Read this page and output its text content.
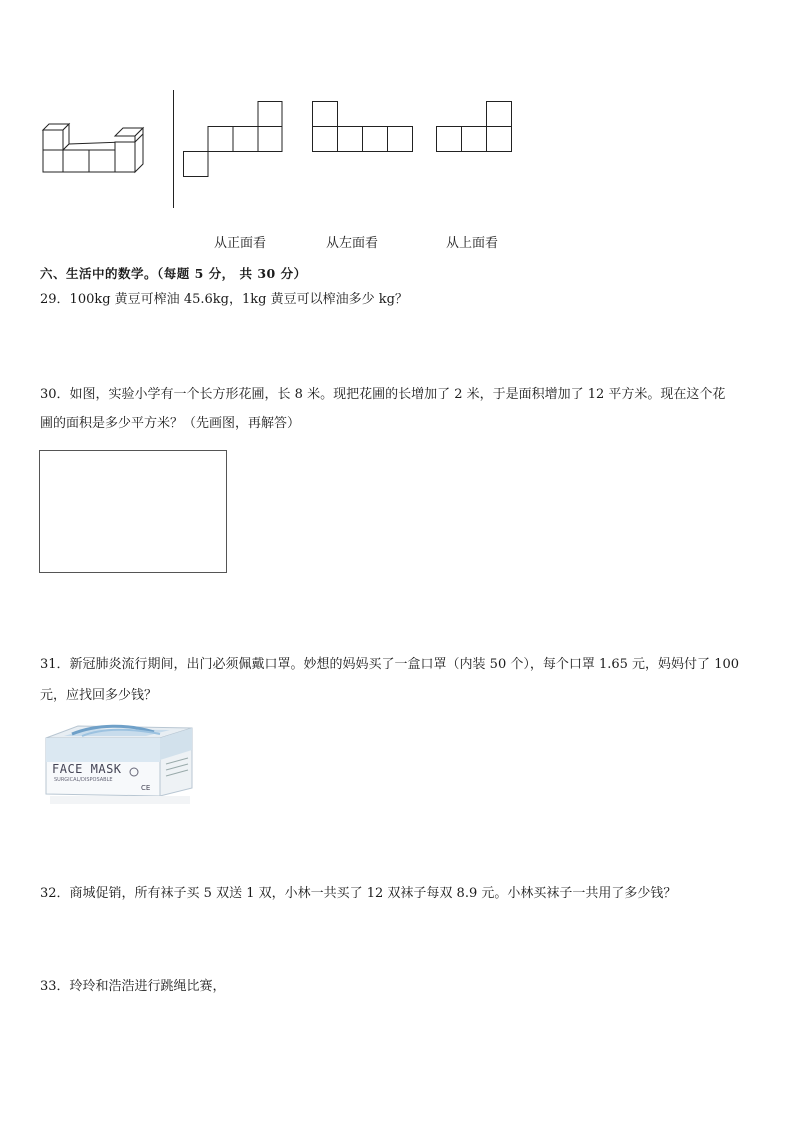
从正面看	从左面看	从上面看
六、生活中的数学。（每题 5 分， 共 30 分）
29．100kg 黄豆可榨油 45.6kg，1kg 黄豆可以榨油多少 kg？
30．如图，实验小学有一个长方形花圃，长 8 米。现把花圃的长增加了 2 米，于是面积增加了 12 平方米。现在这个花
圃的面积是多少平方米？（先画图，再解答）
31．新冠肺炎流行期间，出门必须佩戴口罩。妙想的妈妈买了一盒口罩（内装 50 个），每个口罩 1.65 元，妈妈付了 100
元，应找回多少钱？
FACE MASK
SURGICAL/DISPOSABLE
CE
32．商城促销，所有袜子买 5 双送 1 双，小林一共买了 12 双袜子每双 8.9 元。小林买袜子一共用了多少钱？
33．玲玲和浩浩进行跳绳比赛，
